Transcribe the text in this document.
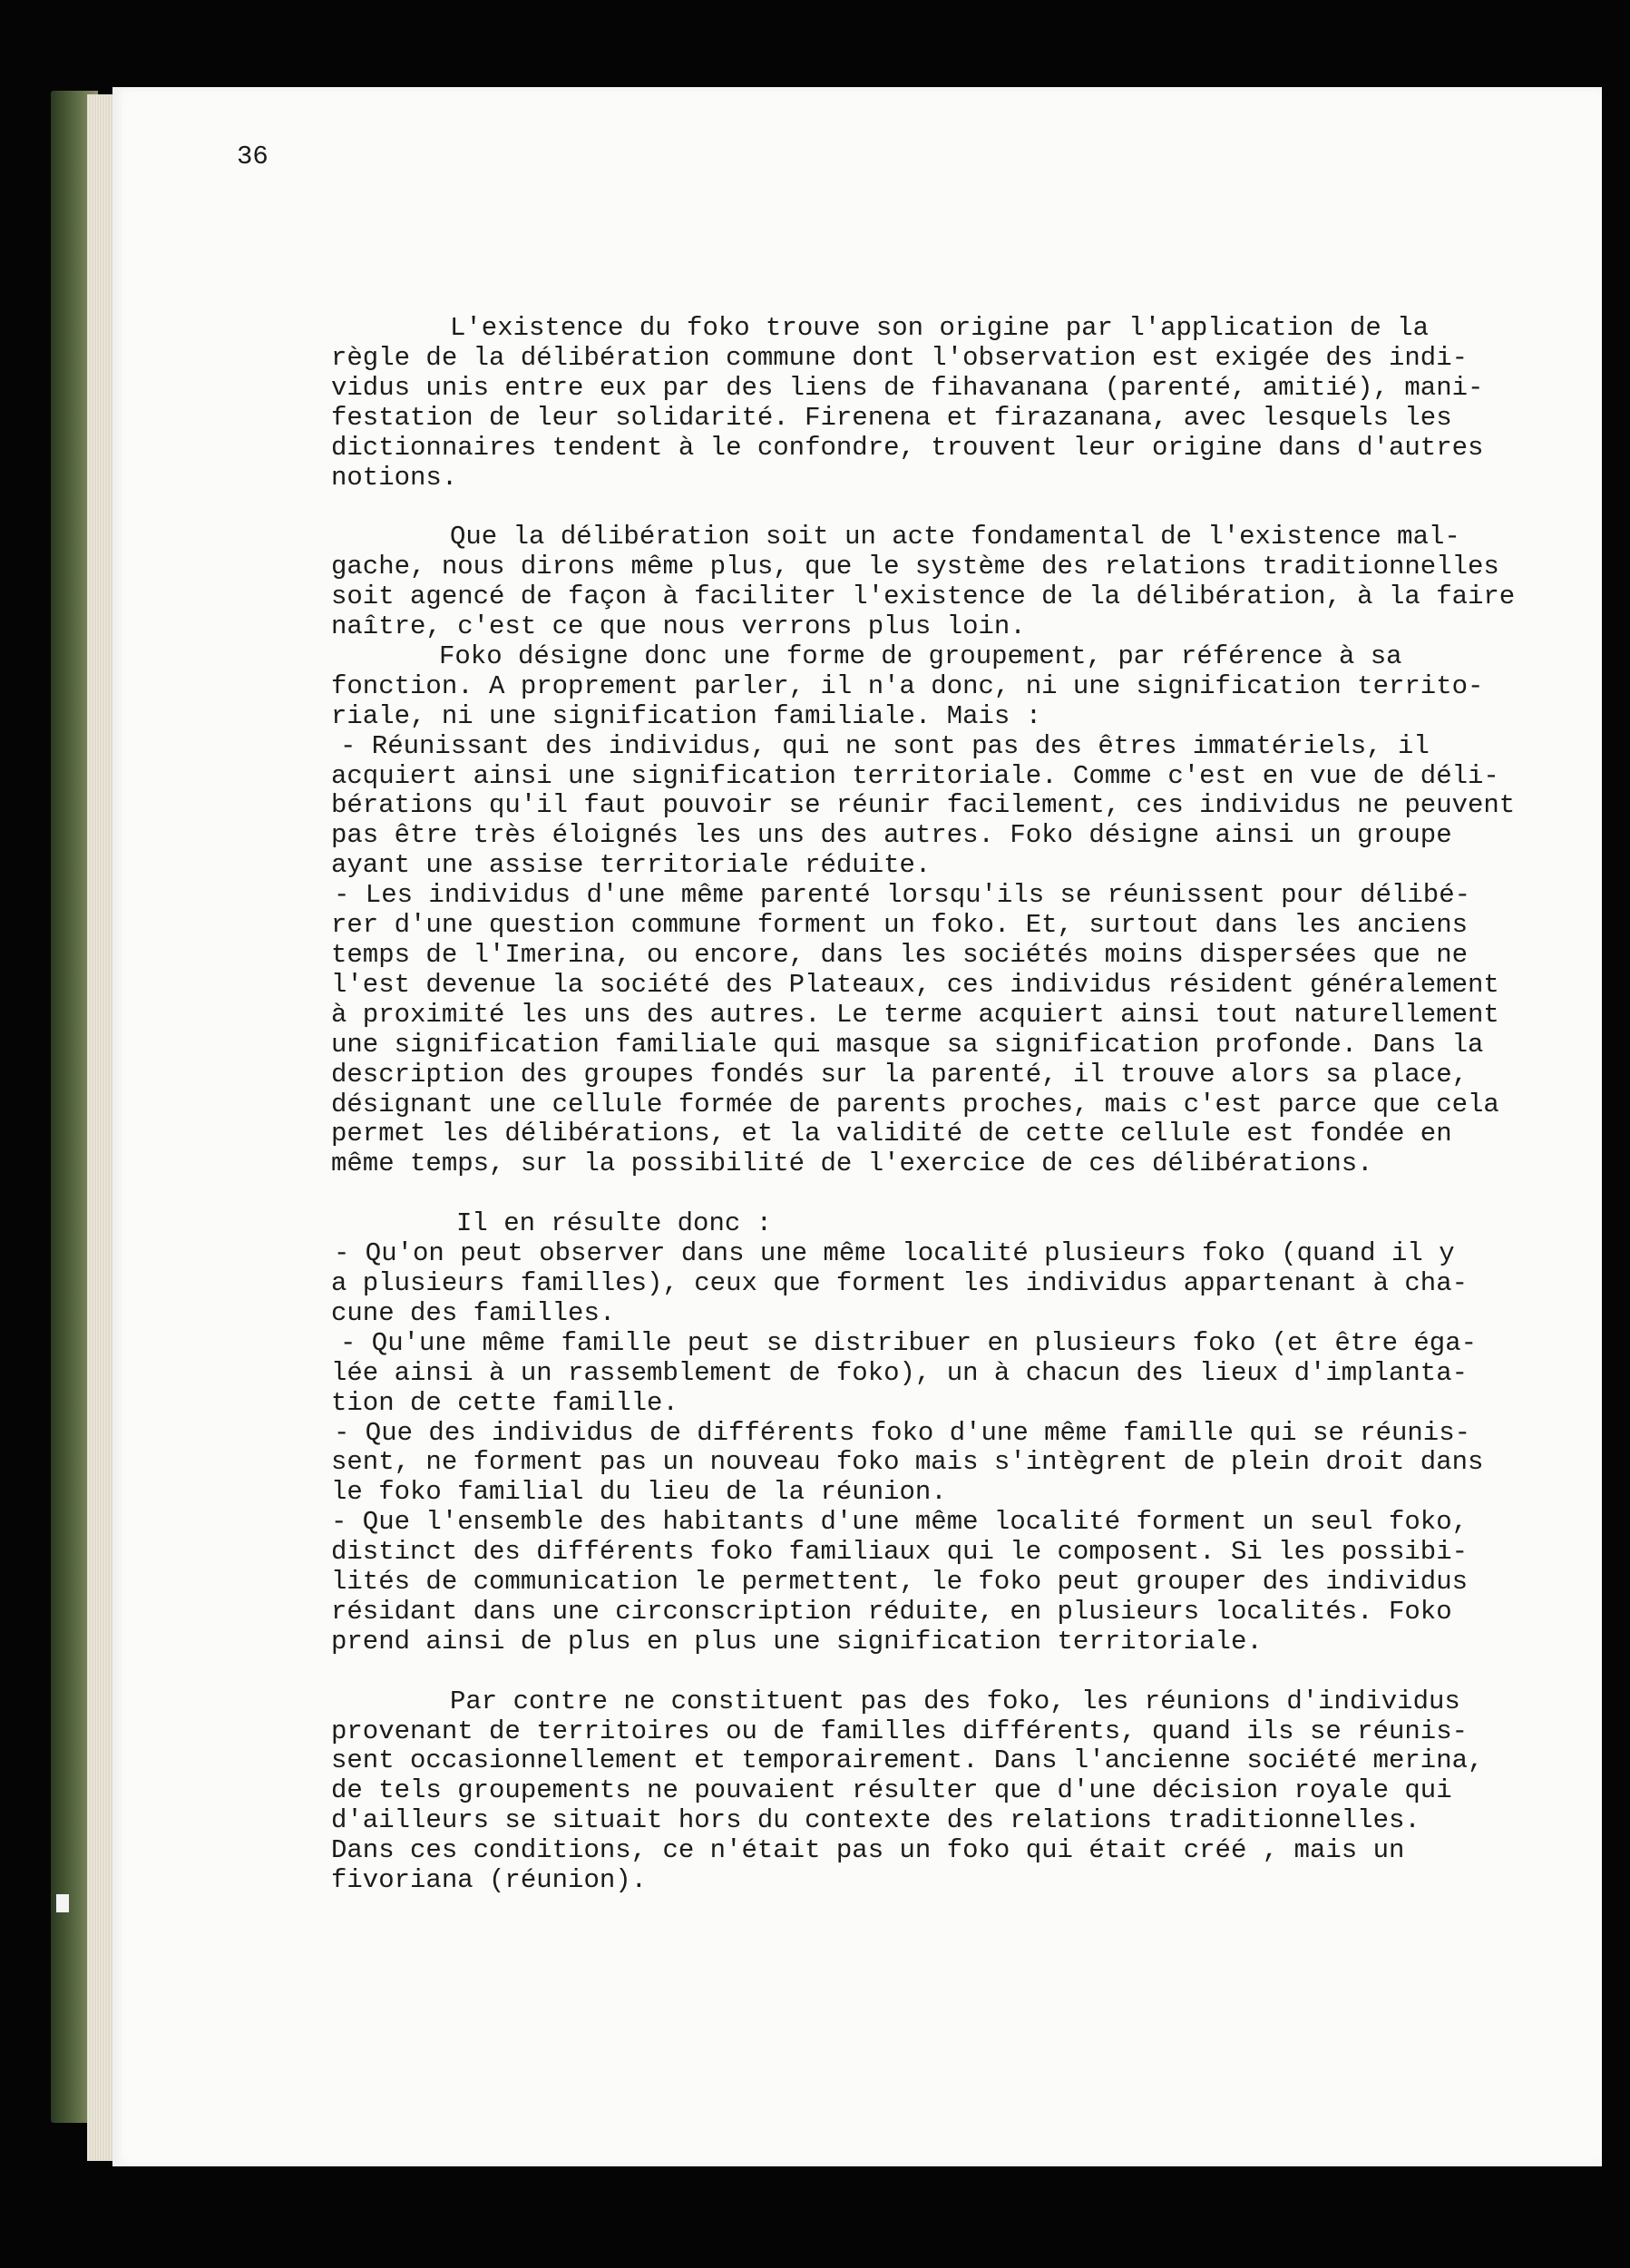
36

L'existence du foko trouve son origine par l'application de la

règle de la délibération commune dont l'observation est exigée des indi-

vidus unis entre eux par des liens de fihavanana (parenté, amitié), mani-

festation de leur solidarité. Firenena et firazanana, avec lesquels les

dictionnaires tendent à le confondre, trouvent leur origine dans d'autres

notions.

Que la délibération soit un acte fondamental de l'existence mal-

gache, nous dirons même plus, que le système des relations traditionnelles

soit agencé de façon à faciliter l'existence de la délibération, à la faire

naître, c'est ce que nous verrons plus loin.

Foko désigne donc une forme de groupement, par référence à sa

fonction. A proprement parler, il n'a donc, ni une signification territo-

riale, ni une signification familiale. Mais :

- Réunissant des individus, qui ne sont pas des êtres immatériels, il

acquiert ainsi une signification territoriale. Comme c'est en vue de déli-

bérations qu'il faut pouvoir se réunir facilement, ces individus ne peuvent

pas être très éloignés les uns des autres. Foko désigne ainsi un groupe

ayant une assise territoriale réduite.

- Les individus d'une même parenté lorsqu'ils se réunissent pour délibé-

rer d'une question commune forment un foko. Et, surtout dans les anciens

temps de l'Imerina, ou encore, dans les sociétés moins dispersées que ne

l'est devenue la société des Plateaux, ces individus résident généralement

à proximité les uns des autres. Le terme acquiert ainsi tout naturellement

une signification familiale qui masque sa signification profonde. Dans la

description des groupes fondés sur la parenté, il trouve alors sa place,

désignant une cellule formée de parents proches, mais c'est parce que cela

permet les délibérations, et la validité de cette cellule est fondée en

même temps, sur la possibilité de l'exercice de ces délibérations.

Il en résulte donc :

- Qu'on peut observer dans une même localité plusieurs foko (quand il y

a plusieurs familles), ceux que forment les individus appartenant à cha-

cune des familles.

- Qu'une même famille peut se distribuer en plusieurs foko (et être éga-

lée ainsi à un rassemblement de foko), un à chacun des lieux d'implanta-

tion de cette famille.

- Que des individus de différents foko d'une même famille qui se réunis-

sent, ne forment pas un nouveau foko mais s'intègrent de plein droit dans

le foko familial du lieu de la réunion.

- Que l'ensemble des habitants d'une même localité forment un seul foko,

distinct des différents foko familiaux qui le composent. Si les possibi-

lités de communication le permettent, le foko peut grouper des individus

résidant dans une circonscription réduite, en plusieurs localités. Foko

prend ainsi de plus en plus une signification territoriale.

Par contre ne constituent pas des foko, les réunions d'individus

provenant de territoires ou de familles différents, quand ils se réunis-

sent occasionnellement et temporairement. Dans l'ancienne société merina,

de tels groupements ne pouvaient résulter que d'une décision royale qui

d'ailleurs se situait hors du contexte des relations traditionnelles.

Dans ces conditions, ce n'était pas un foko qui était créé , mais un

fivoriana (réunion).
